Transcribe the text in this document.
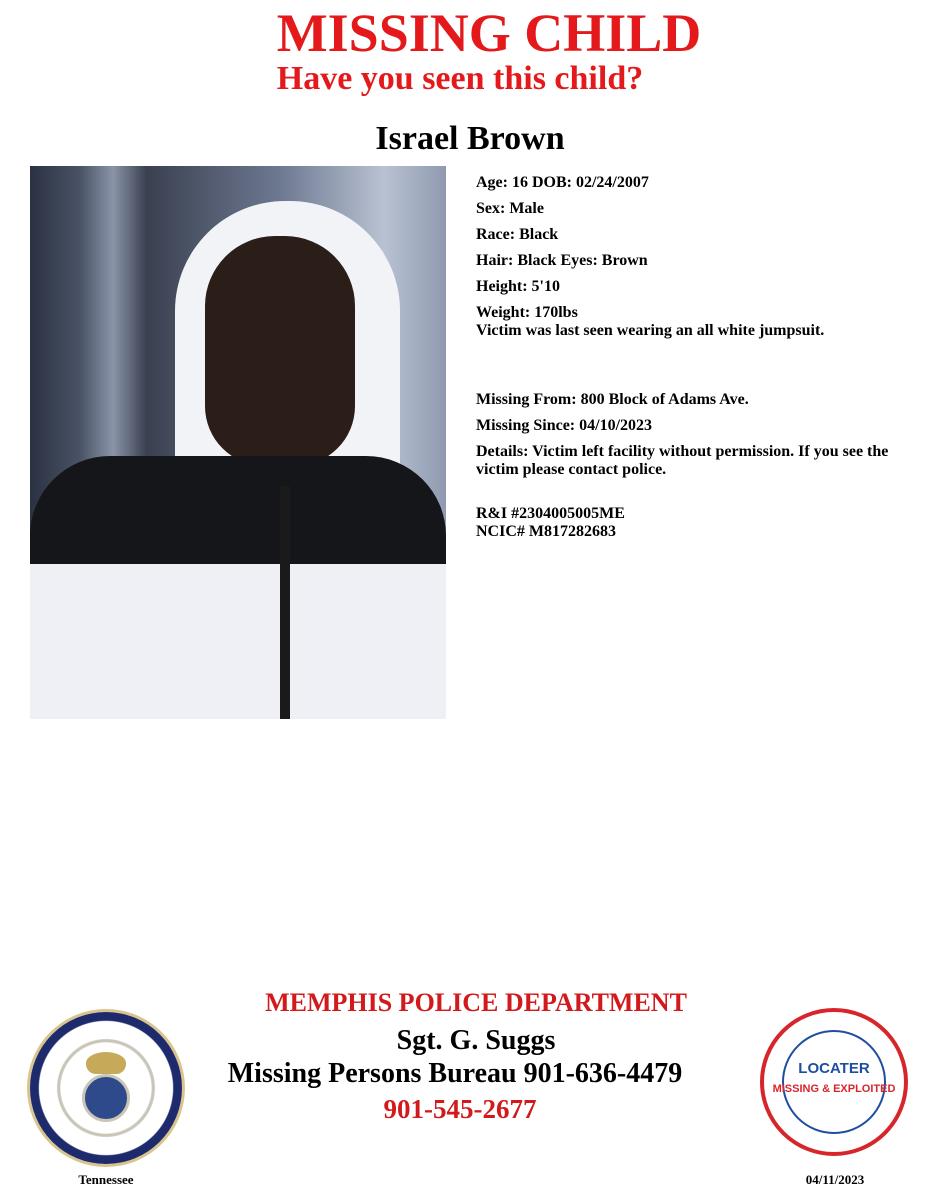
MISSING CHILD
Have you seen this child?
Israel Brown
Age: 16 DOB: 02/24/2007
Sex: Male
Race: Black
Hair: Black Eyes: Brown
Height: 5'10
Weight: 170lbs
Victim was last seen wearing an all white jumpsuit.
Missing From: 800 Block of Adams Ave.
Missing Since: 04/10/2023
Details: Victim left facility without permission. If you see the victim please contact police.
R&I #2304005005ME
NCIC# M817282683
MEMPHIS POLICE DEPARTMENT
Sgt. G. Suggs
Missing Persons Bureau 901-636-4479
901-545-2677
LOCATER
MISSING & EXPLOITED
Tennessee	04/11/2023
